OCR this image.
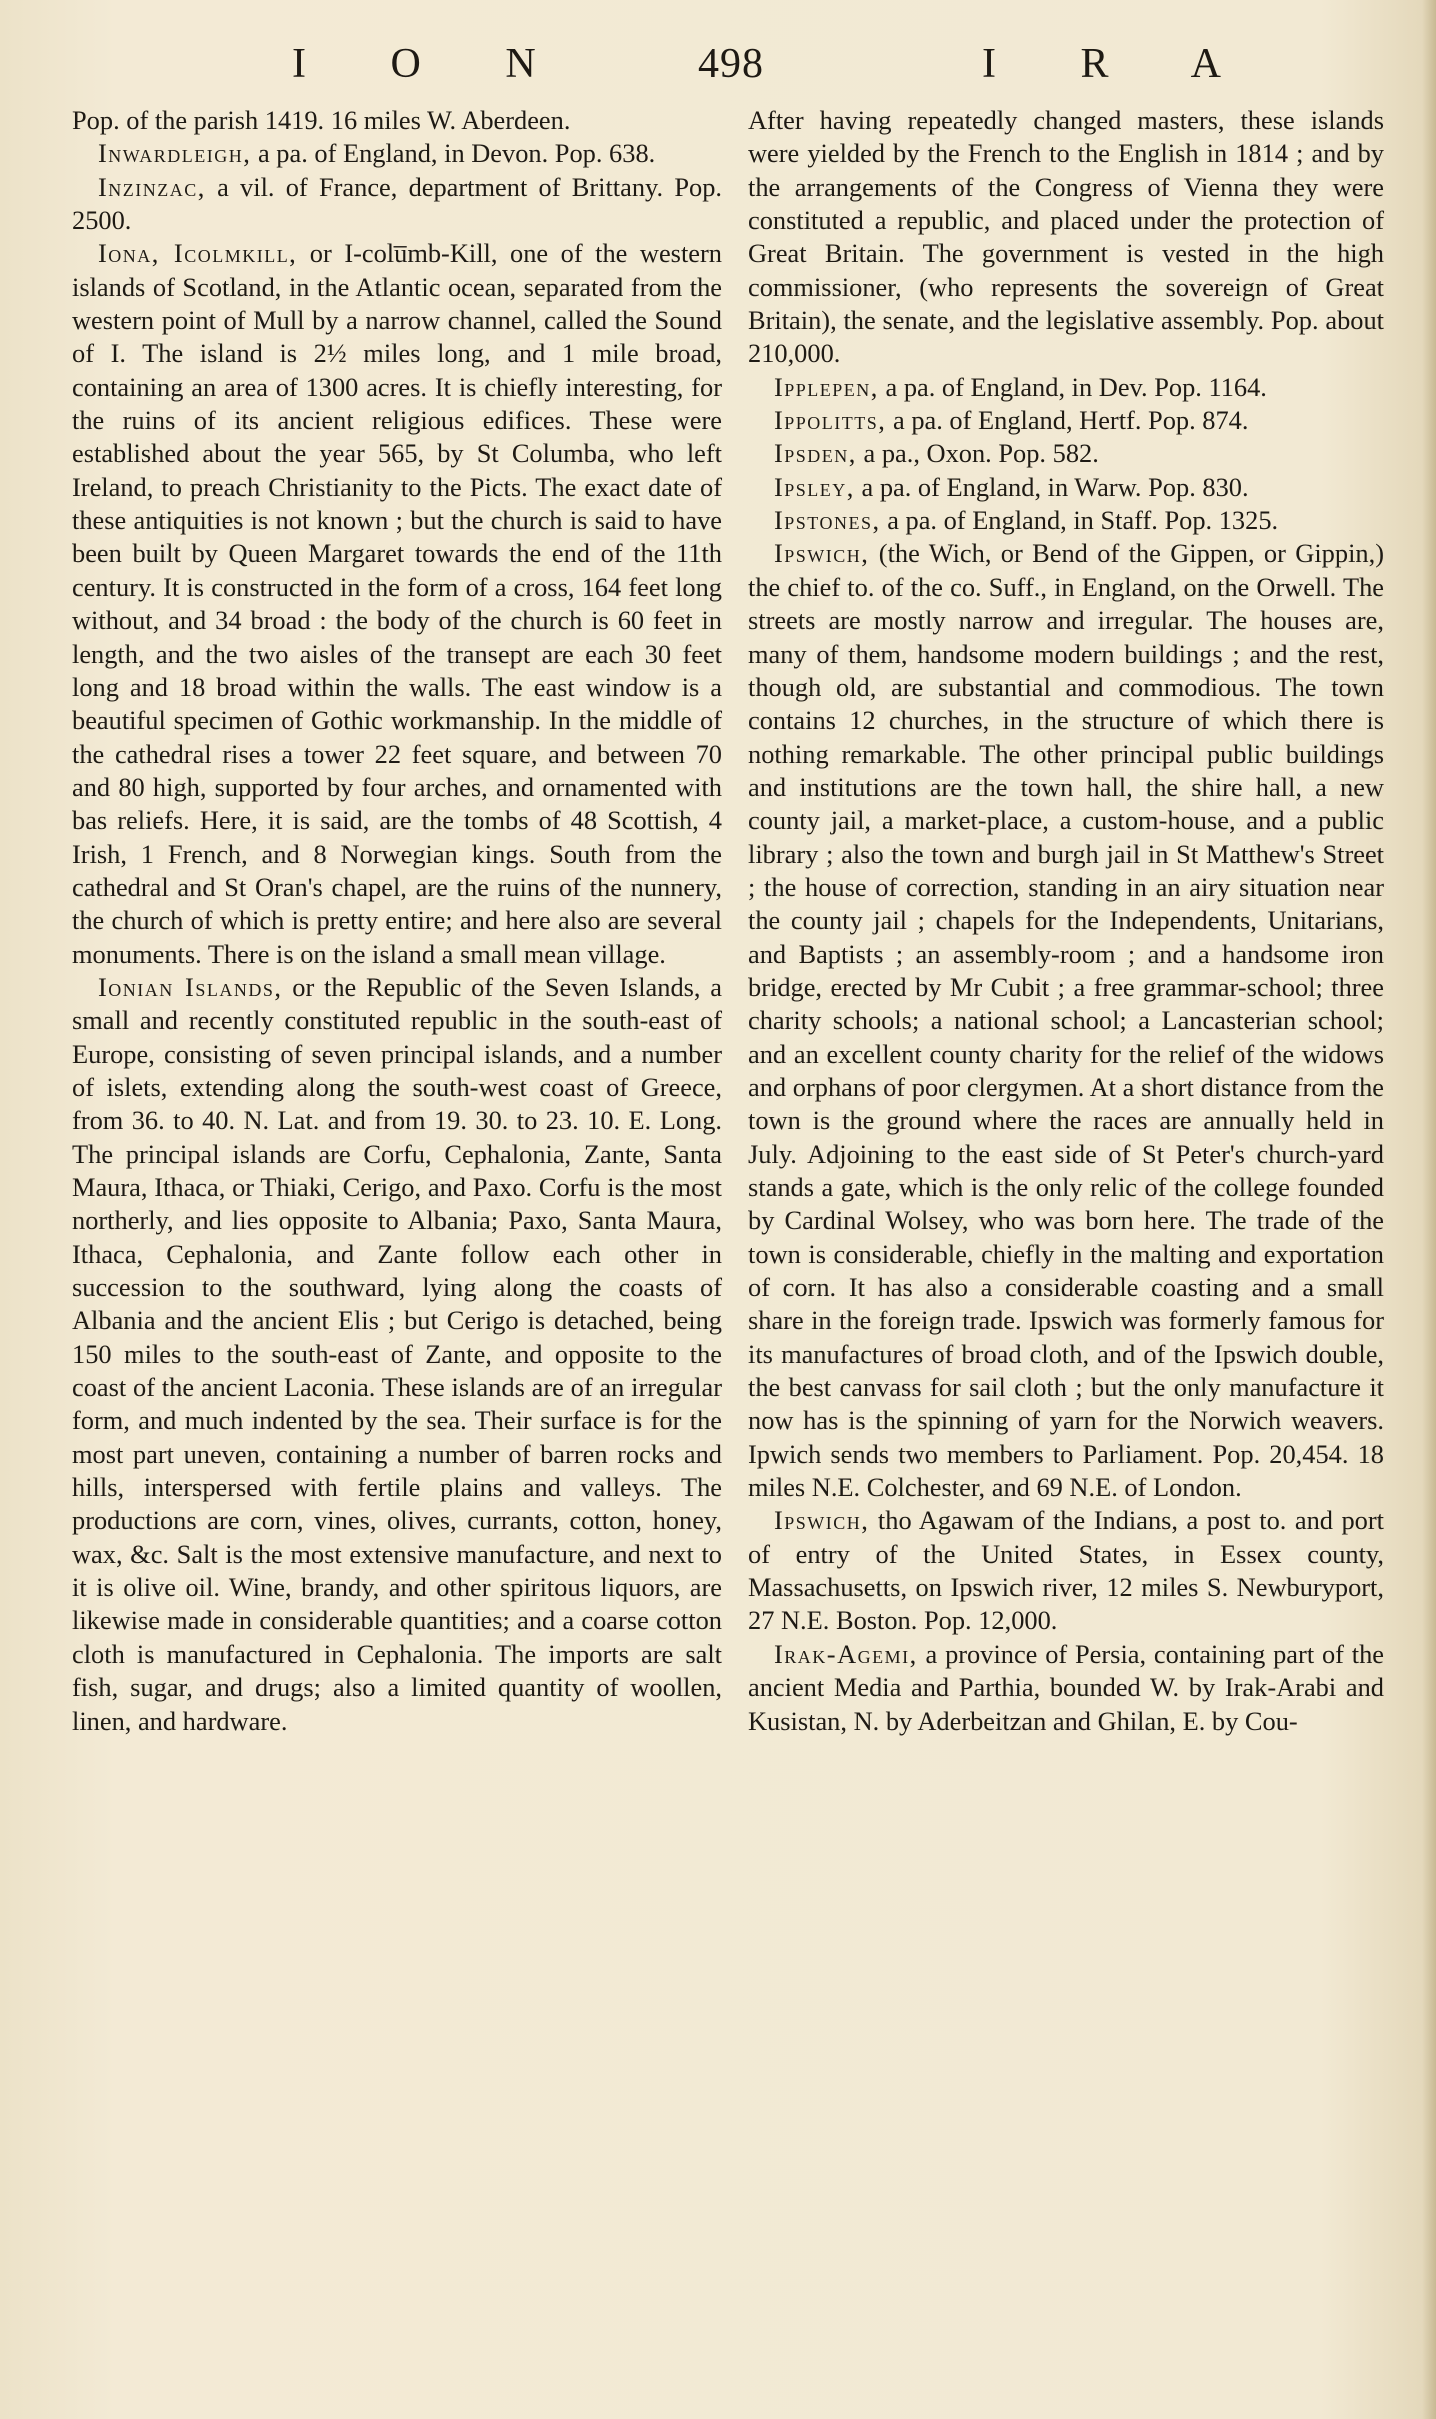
I O N	498	I R A

Pop. of the parish 1419. 16 miles W. Aberdeen.

Inwardleigh, a pa. of England, in Devon. Pop. 638.

Inzinzac, a vil. of France, department of Brittany. Pop. 2500.

Iona, Icolmkill, or I-colu̅mb-Kill, one of the western islands of Scotland, in the Atlantic ocean, separated from the western point of Mull by a narrow channel, called the Sound of I. The island is 2½ miles long, and 1 mile broad, containing an area of 1300 acres. It is chiefly interesting, for the ruins of its ancient religious edifices. These were established about the year 565, by St Columba, who left Ireland, to preach Christianity to the Picts. The exact date of these antiquities is not known ; but the church is said to have been built by Queen Margaret towards the end of the 11th century. It is constructed in the form of a cross, 164 feet long without, and 34 broad : the body of the church is 60 feet in length, and the two aisles of the transept are each 30 feet long and 18 broad within the walls. The east window is a beautiful specimen of Gothic workmanship. In the middle of the cathedral rises a tower 22 feet square, and between 70 and 80 high, supported by four arches, and ornamented with bas reliefs. Here, it is said, are the tombs of 48 Scottish, 4 Irish, 1 French, and 8 Norwegian kings. South from the cathedral and St Oran's chapel, are the ruins of the nunnery, the church of which is pretty entire; and here also are several monuments. There is on the island a small mean village.

Ionian Islands, or the Republic of the Seven Islands, a small and recently constituted republic in the south-east of Europe, consisting of seven principal islands, and a number of islets, extending along the south-west coast of Greece, from 36. to 40. N. Lat. and from 19. 30. to 23. 10. E. Long. The principal islands are Corfu, Cephalonia, Zante, Santa Maura, Ithaca, or Thiaki, Cerigo, and Paxo. Corfu is the most northerly, and lies opposite to Albania; Paxo, Santa Maura, Ithaca, Cephalonia, and Zante follow each other in succession to the southward, lying along the coasts of Albania and the ancient Elis ; but Cerigo is detached, being 150 miles to the south-east of Zante, and opposite to the coast of the ancient Laconia. These islands are of an irregular form, and much indented by the sea. Their surface is for the most part uneven, containing a number of barren rocks and hills, interspersed with fertile plains and valleys. The productions are corn, vines, olives, currants, cotton, honey, wax, &c. Salt is the most extensive manufacture, and next to it is olive oil. Wine, brandy, and other spiritous liquors, are likewise made in considerable quantities; and a coarse cotton cloth is manufactured in Cephalonia. The imports are salt fish, sugar, and drugs; also a limited quantity of woollen, linen, and hardware.

After having repeatedly changed masters, these islands were yielded by the French to the English in 1814 ; and by the arrangements of the Congress of Vienna they were constituted a republic, and placed under the protection of Great Britain. The government is vested in the high commissioner, (who represents the sovereign of Great Britain), the senate, and the legislative assembly. Pop. about 210,000.

Ipplepen, a pa. of England, in Dev. Pop. 1164.

Ippolitts, a pa. of England, Hertf. Pop. 874.

Ipsden, a pa., Oxon. Pop. 582.

Ipsley, a pa. of England, in Warw. Pop. 830.

Ipstones, a pa. of England, in Staff. Pop. 1325.

Ipswich, (the Wich, or Bend of the Gippen, or Gippin,) the chief to. of the co. Suff., in England, on the Orwell. The streets are mostly narrow and irregular. The houses are, many of them, handsome modern buildings ; and the rest, though old, are substantial and commodious. The town contains 12 churches, in the structure of which there is nothing remarkable. The other principal public buildings and institutions are the town hall, the shire hall, a new county jail, a market-place, a custom-house, and a public library ; also the town and burgh jail in St Matthew's Street ; the house of correction, standing in an airy situation near the county jail ; chapels for the Independents, Unitarians, and Baptists ; an assembly-room ; and a handsome iron bridge, erected by Mr Cubit ; a free grammar-school; three charity schools; a national school; a Lancasterian school; and an excellent county charity for the relief of the widows and orphans of poor clergymen. At a short distance from the town is the ground where the races are annually held in July. Adjoining to the east side of St Peter's church-yard stands a gate, which is the only relic of the college founded by Cardinal Wolsey, who was born here. The trade of the town is considerable, chiefly in the malting and exportation of corn. It has also a considerable coasting and a small share in the foreign trade. Ipswich was formerly famous for its manufactures of broad cloth, and of the Ipswich double, the best canvass for sail cloth ; but the only manufacture it now has is the spinning of yarn for the Norwich weavers. Ipwich sends two members to Parliament. Pop. 20,454. 18 miles N.E. Colchester, and 69 N.E. of London.

Ipswich, tho Agawam of the Indians, a post to. and port of entry of the United States, in Essex county, Massachusetts, on Ipswich river, 12 miles S. Newburyport, 27 N.E. Boston. Pop. 12,000.

Irak-Agemi, a province of Persia, containing part of the ancient Media and Parthia, bounded W. by Irak-Arabi and Kusistan, N. by Aderbeitzan and Ghilan, E. by Cou-
